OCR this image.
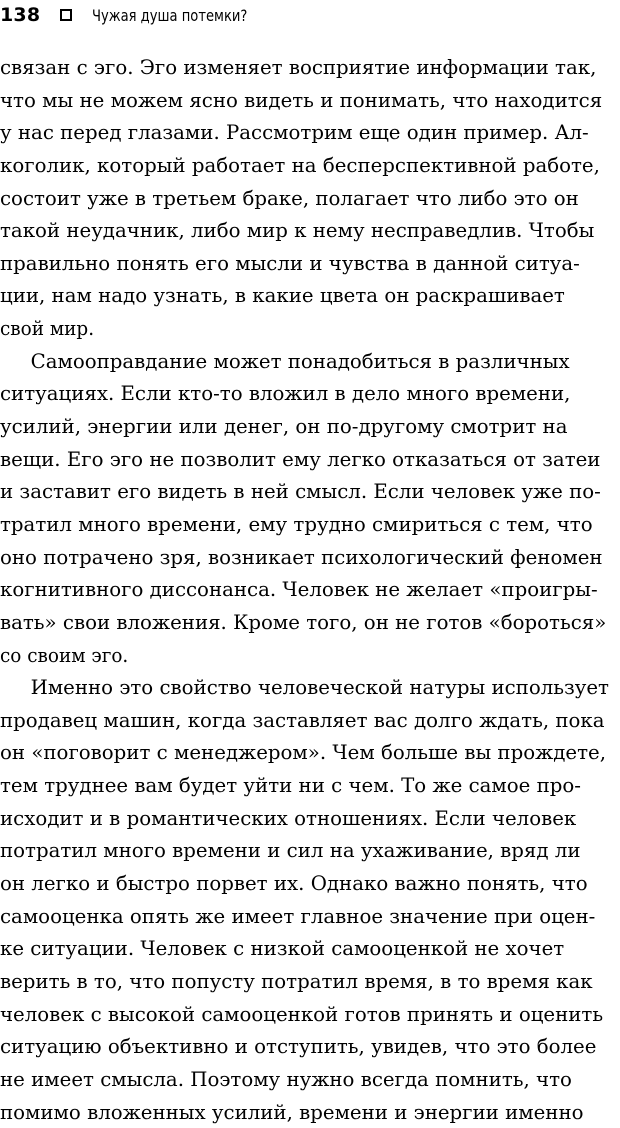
138	Чужая душа потемки?
связан с эго. Эго изменяет восприятие информации так,
что мы не можем ясно видеть и понимать, что находится
у нас перед глазами. Рассмотрим еще один пример. Ал-
коголик, который работает на бесперспективной работе,
состоит уже в третьем браке, полагает что либо это он
такой неудачник, либо мир к нему несправедлив. Чтобы
правильно понять его мысли и чувства в данной ситуа-
ции, нам надо узнать, в какие цвета он раскрашивает
свой мир.
Самооправдание может понадобиться в различных
ситуациях. Если кто-то вложил в дело много времени,
усилий, энергии или денег, он по-другому смотрит на
вещи. Его эго не позволит ему легко отказаться от затеи
и заставит его видеть в ней смысл. Если человек уже по-
тратил много времени, ему трудно смириться с тем, что
оно потрачено зря, возникает психологический феномен
когнитивного диссонанса. Человек не желает «проигры-
вать» свои вложения. Кроме того, он не готов «бороться»
со своим эго.
Именно это свойство человеческой натуры использует
продавец машин, когда заставляет вас долго ждать, пока
он «поговорит с менеджером». Чем больше вы прождете,
тем труднее вам будет уйти ни с чем. То же самое про-
исходит и в романтических отношениях. Если человек
потратил много времени и сил на ухаживание, вряд ли
он легко и быстро порвет их. Однако важно понять, что
самооценка опять же имеет главное значение при оцен-
ке ситуации. Человек с низкой самооценкой не хочет
верить в то, что попусту потратил время, в то время как
человек с высокой самооценкой готов принять и оценить
ситуацию объективно и отступить, увидев, что это более
не имеет смысла. Поэтому нужно всегда помнить, что
помимо вложенных усилий, времени и энергии именно
